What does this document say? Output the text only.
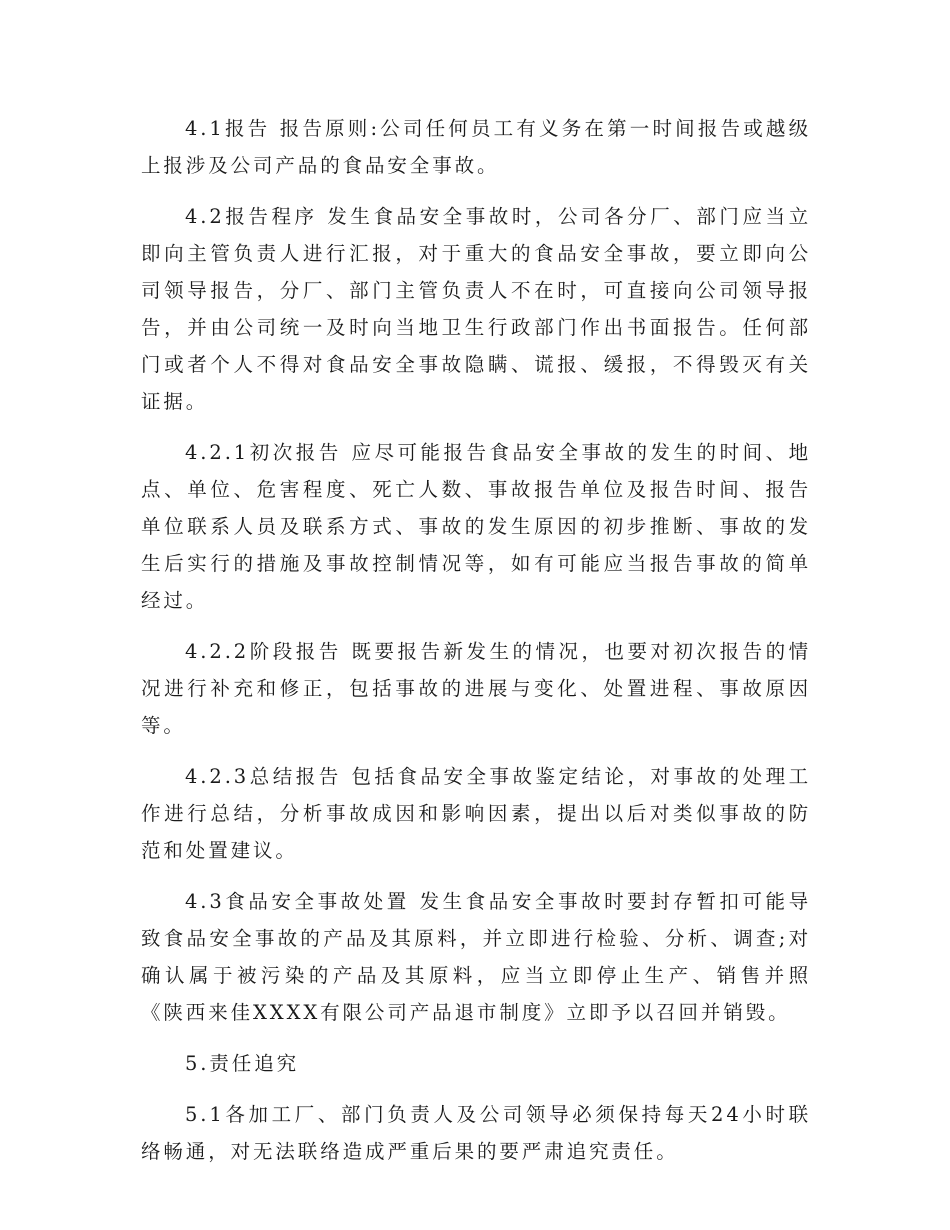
4.1报告 报告原则:公司任何员工有义务在第一时间报告或越级上报涉及公司产品的食品安全事故。

4.2报告程序 发生食品安全事故时，公司各分厂、部门应当立即向主管负责人进行汇报，对于重大的食品安全事故，要立即向公司领导报告，分厂、部门主管负责人不在时，可直接向公司领导报告，并由公司统一及时向当地卫生行政部门作出书面报告。任何部门或者个人不得对食品安全事故隐瞒、谎报、缓报，不得毁灭有关证据。

4.2.1初次报告 应尽可能报告食品安全事故的发生的时间、地点、单位、危害程度、死亡人数、事故报告单位及报告时间、报告单位联系人员及联系方式、事故的发生原因的初步推断、事故的发生后实行的措施及事故控制情况等，如有可能应当报告事故的简单经过。

4.2.2阶段报告 既要报告新发生的情况，也要对初次报告的情况进行补充和修正，包括事故的进展与变化、处置进程、事故原因等。

4.2.3总结报告 包括食品安全事故鉴定结论，对事故的处理工作进行总结，分析事故成因和影响因素，提出以后对类似事故的防范和处置建议。

4.3食品安全事故处置 发生食品安全事故时要封存暂扣可能导致食品安全事故的产品及其原料，并立即进行检验、分析、调查;对确认属于被污染的产品及其原料，应当立即停止生产、销售并照《陕西来佳XXXX有限公司产品退市制度》立即予以召回并销毁。

5.责任追究

5.1各加工厂、部门负责人及公司领导必须保持每天24小时联络畅通，对无法联络造成严重后果的要严肃追究责任。
